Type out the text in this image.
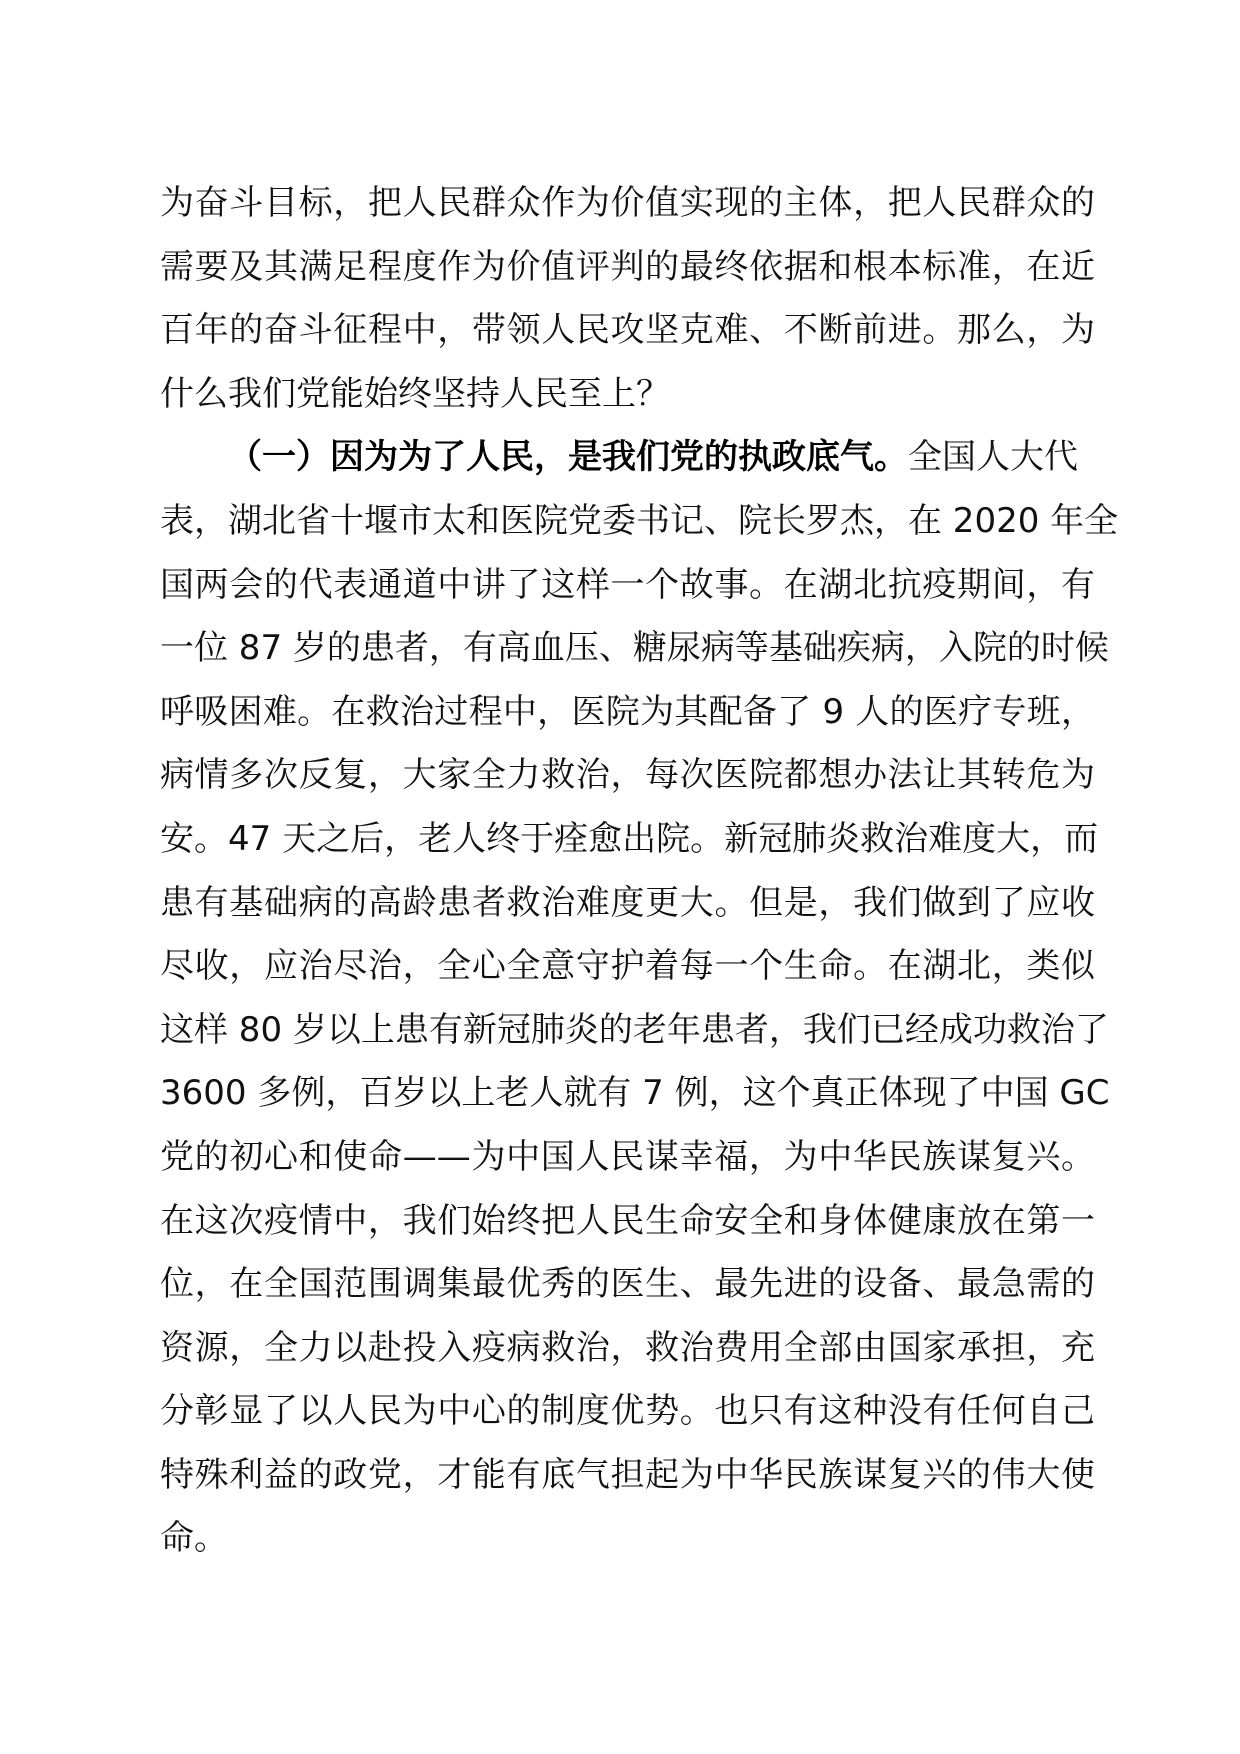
为奋斗目标，把人民群众作为价值实现的主体，把人民群众的
需要及其满足程度作为价值评判的最终依据和根本标准，在近
百年的奋斗征程中，带领人民攻坚克难、不断前进。那么，为
什么我们党能始终坚持人民至上？
（一）因为为了人民，是我们党的执政底气。全国人大代
表，湖北省十堰市太和医院党委书记、院长罗杰，在 2020 年全
国两会的代表通道中讲了这样一个故事。在湖北抗疫期间，有
一位 87 岁的患者，有高血压、糖尿病等基础疾病，入院的时候
呼吸困难。在救治过程中，医院为其配备了 9 人的医疗专班，
病情多次反复，大家全力救治，每次医院都想办法让其转危为
安。47 天之后，老人终于痊愈出院。新冠肺炎救治难度大，而
患有基础病的高龄患者救治难度更大。但是，我们做到了应收
尽收，应治尽治，全心全意守护着每一个生命。在湖北，类似
这样 80 岁以上患有新冠肺炎的老年患者，我们已经成功救治了
3600 多例，百岁以上老人就有 7 例，这个真正体现了中国 GC
党的初心和使命——为中国人民谋幸福，为中华民族谋复兴。
在这次疫情中，我们始终把人民生命安全和身体健康放在第一
位，在全国范围调集最优秀的医生、最先进的设备、最急需的
资源，全力以赴投入疫病救治，救治费用全部由国家承担，充
分彰显了以人民为中心的制度优势。也只有这种没有任何自己
特殊利益的政党，才能有底气担起为中华民族谋复兴的伟大使
命。
